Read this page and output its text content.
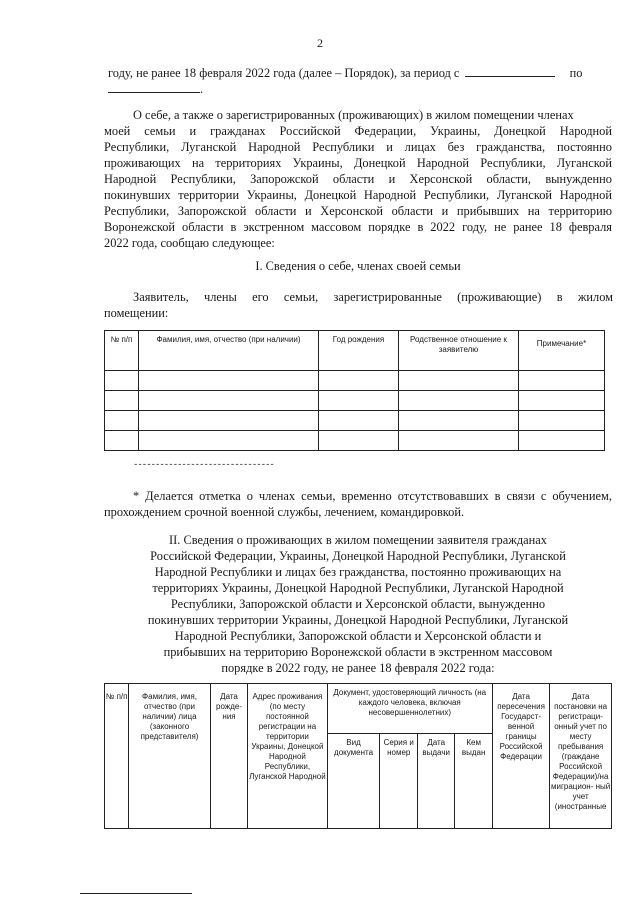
2
году, не ранее 18 февраля 2022 года (далее – Порядок), за период с	по
.
О себе, а также о зарегистрированных (проживающих) в жилом помещении членах
моей семьи и гражданах Российской Федерации, Украины, Донецкой Народной
Республики, Луганской Народной Республики и лицах без гражданства, постоянно
проживающих на территориях Украины, Донецкой Народной Республики, Луганской
Народной Республики, Запорожской области и Херсонской области, вынужденно
покинувших территории Украины, Донецкой Народной Республики, Луганской Народной
Республики, Запорожской области и Херсонской области и прибывших на территорию
Воронежской области в экстренном массовом порядке в 2022 году, не ранее 18 февраля
2022 года, сообщаю следующее:
I. Сведения о себе, членах своей семьи
Заявитель, члены его семьи, зарегистрированные (проживающие) в жилом
помещении:
№ п/п	Фамилия, имя, отчество (при наличии)	Год рождения	Родственное отношение к заявителю	Примечание*

--------------------------------
* Делается отметка о членах семьи, временно отсутствовавших в связи с обучением,
прохождением срочной военной службы, лечением, командировкой.
II. Сведения о проживающих в жилом помещении заявителя гражданах
Российской Федерации, Украины, Донецкой Народной Республики, Луганской
Народной Республики и лицах без гражданства, постоянно проживающих на
территориях Украины, Донецкой Народной Республики, Луганской Народной
Республики, Запорожской области и Херсонской области, вынужденно
покинувших территории Украины, Донецкой Народной Республики, Луганской
Народной Республики, Запорожской области и Херсонской области и
прибывших на территорию Воронежской области в экстренном массовом
порядке в 2022 году, не ранее 18 февраля 2022 года:
№ п/п	Фамилия, имя, отчество (при наличии) лица (законного представителя)	Дата рожде- ния	Адрес проживания (по месту постоянной регистрации на территории Украины, Донецкой Народной Республики, Луганской Народной	Документ, удостоверяющий личность (на каждого человека, включая несовершеннолетних)				Дата пересечения Государст- венной границы Российской Федерации	Дата постановки на регистраци- онный учет по месту пребывания (граждане Российской Федерации)/на миграцион- ный учет (иностранные
				Вид документа	Серия и номер	Дата выдачи	Кем выдан		
